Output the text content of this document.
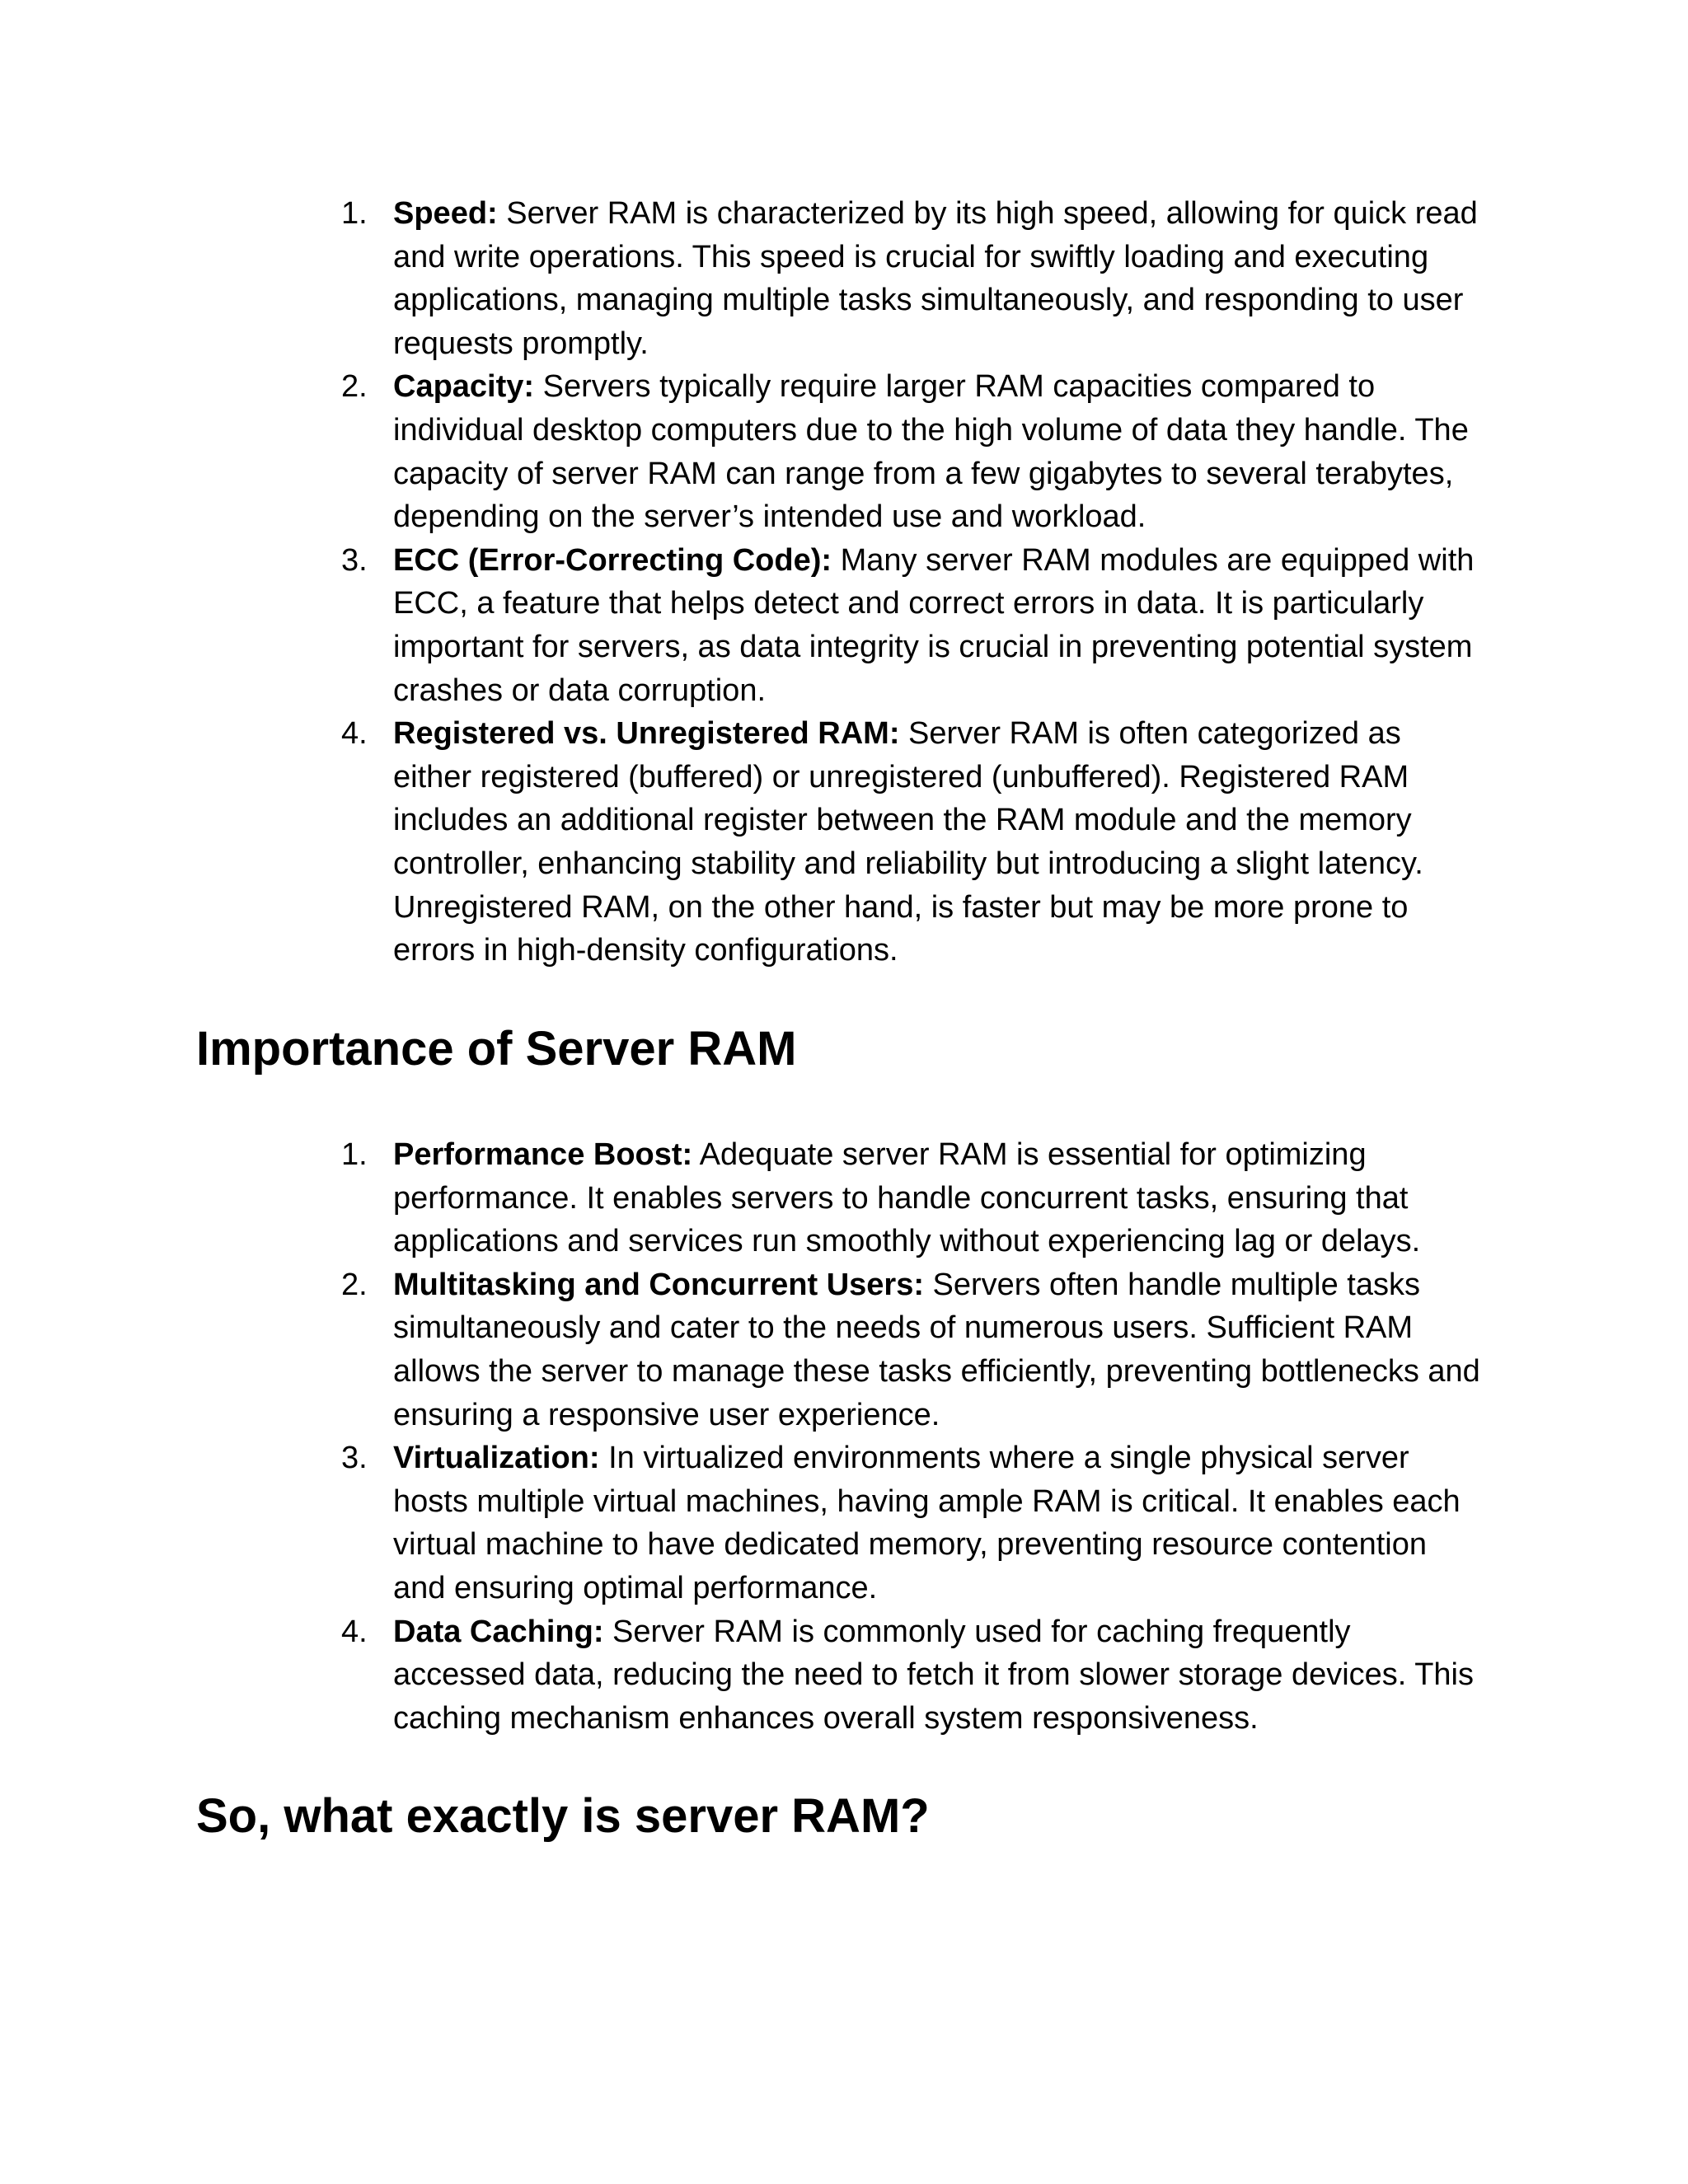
1. Speed: Server RAM is characterized by its high speed, allowing for quick read and write operations. This speed is crucial for swiftly loading and executing applications, managing multiple tasks simultaneously, and responding to user requests promptly.
2. Capacity: Servers typically require larger RAM capacities compared to individual desktop computers due to the high volume of data they handle. The capacity of server RAM can range from a few gigabytes to several terabytes, depending on the server’s intended use and workload.
3. ECC (Error-Correcting Code): Many server RAM modules are equipped with ECC, a feature that helps detect and correct errors in data. It is particularly important for servers, as data integrity is crucial in preventing potential system crashes or data corruption.
4. Registered vs. Unregistered RAM: Server RAM is often categorized as either registered (buffered) or unregistered (unbuffered). Registered RAM includes an additional register between the RAM module and the memory controller, enhancing stability and reliability but introducing a slight latency. Unregistered RAM, on the other hand, is faster but may be more prone to errors in high-density configurations.
Importance of Server RAM
1. Performance Boost: Adequate server RAM is essential for optimizing performance. It enables servers to handle concurrent tasks, ensuring that applications and services run smoothly without experiencing lag or delays.
2. Multitasking and Concurrent Users: Servers often handle multiple tasks simultaneously and cater to the needs of numerous users. Sufficient RAM allows the server to manage these tasks efficiently, preventing bottlenecks and ensuring a responsive user experience.
3. Virtualization: In virtualized environments where a single physical server hosts multiple virtual machines, having ample RAM is critical. It enables each virtual machine to have dedicated memory, preventing resource contention and ensuring optimal performance.
4. Data Caching: Server RAM is commonly used for caching frequently accessed data, reducing the need to fetch it from slower storage devices. This caching mechanism enhances overall system responsiveness.
So, what exactly is server RAM?
